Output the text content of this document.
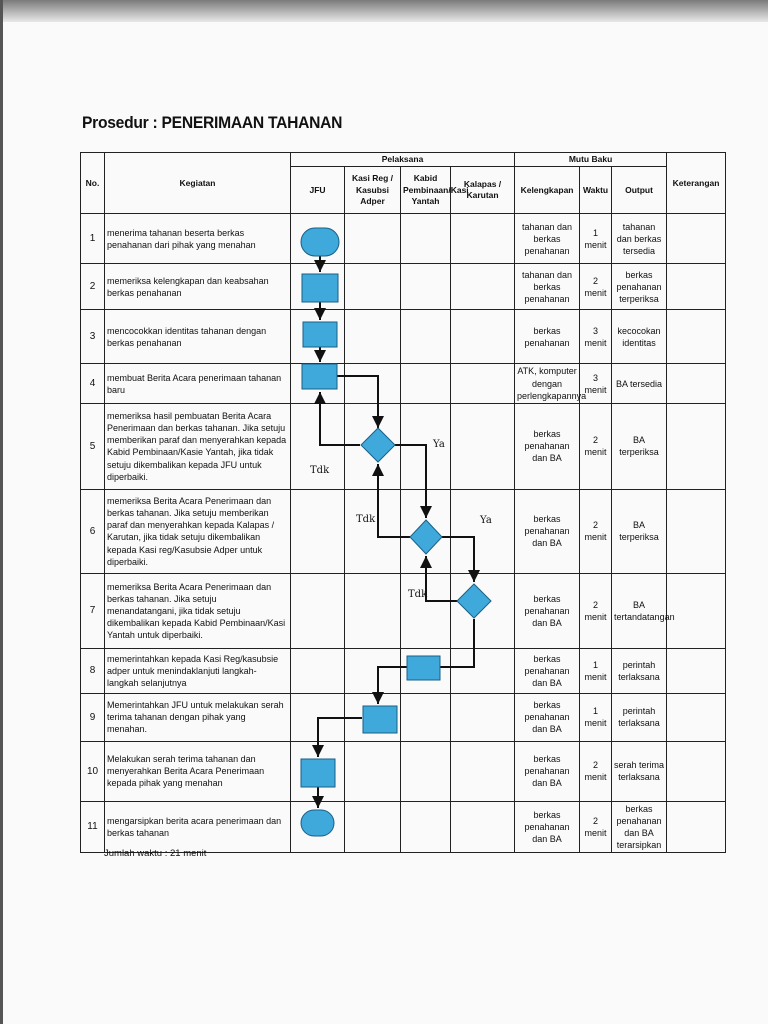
Prosedur : PENERIMAAN TAHANAN
No.	Kegiatan	Pelaksana				Mutu Baku			Keterangan
		JFU	Kasi Reg / Kasubsi Adper	Kabid Pembinaan/Kasi Yantah	Kalapas / Karutan	Kelengkapan	Waktu	Output	
1	menerima tahanan beserta berkas penahanan dari pihak yang menahan					tahanan dan berkas penahanan	1 menit	tahanan dan berkas tersedia	
2	memeriksa kelengkapan dan keabsahan berkas penahanan					tahanan dan berkas penahanan	2 menit	berkas penahanan terperiksa	
3	mencocokkan identitas tahanan dengan berkas penahanan					berkas penahanan	3 menit	kecocokan identitas	
4	membuat Berita Acara penerimaan tahanan baru					ATK, komputer dengan perlengkapannya	3 menit	BA tersedia	
5	memeriksa hasil pembuatan Berita Acara Penerimaan dan berkas tahanan. Jika setuju memberikan paraf dan menyerahkan kepada Kabid Pembinaan/Kasie Yantah, jika tidak setuju dikembalikan kepada JFU untuk diperbaiki.					berkas penahanan dan BA	2 menit	BA terperiksa	
6	memeriksa Berita Acara Penerimaan dan berkas tahanan. Jika setuju memberikan paraf dan menyerahkan kepada Kalapas / Karutan, jika tidak setuju dikembalikan kepada Kasi reg/Kasubsie Adper untuk diperbaiki.					berkas penahanan dan BA	2 menit	BA terperiksa	
7	memeriksa Berita Acara Penerimaan dan berkas tahanan. Jika setuju menandatangani, jika tidak setuju dikembalikan kepada Kabid Pembinaan/Kasi Yantah untuk diperbaiki.					berkas penahanan dan BA	2 menit	BA tertandatangan	
8	memerintahkan kepada Kasi Reg/kasubsie adper untuk menindaklanjuti langkah-langkah selanjutnya					berkas penahanan dan BA	1 menit	perintah terlaksana	
9	Memerintahkan JFU untuk melakukan serah terima tahanan dengan pihak yang menahan.					berkas penahanan dan BA	1 menit	perintah terlaksana	
10	Melakukan serah terima tahanan dan menyerahkan Berita Acara Penerimaan kepada pihak yang menahan					berkas penahanan dan BA	2 menit	serah terima terlaksana	
11	mengarsipkan berita acara penerimaan dan berkas tahanan					berkas penahanan dan BA	2 menit	berkas penahanan dan BA terarsipkan	
Ya
Tdk
Tdk	Ya
Tdk
Jumlah waktu : 21 menit
